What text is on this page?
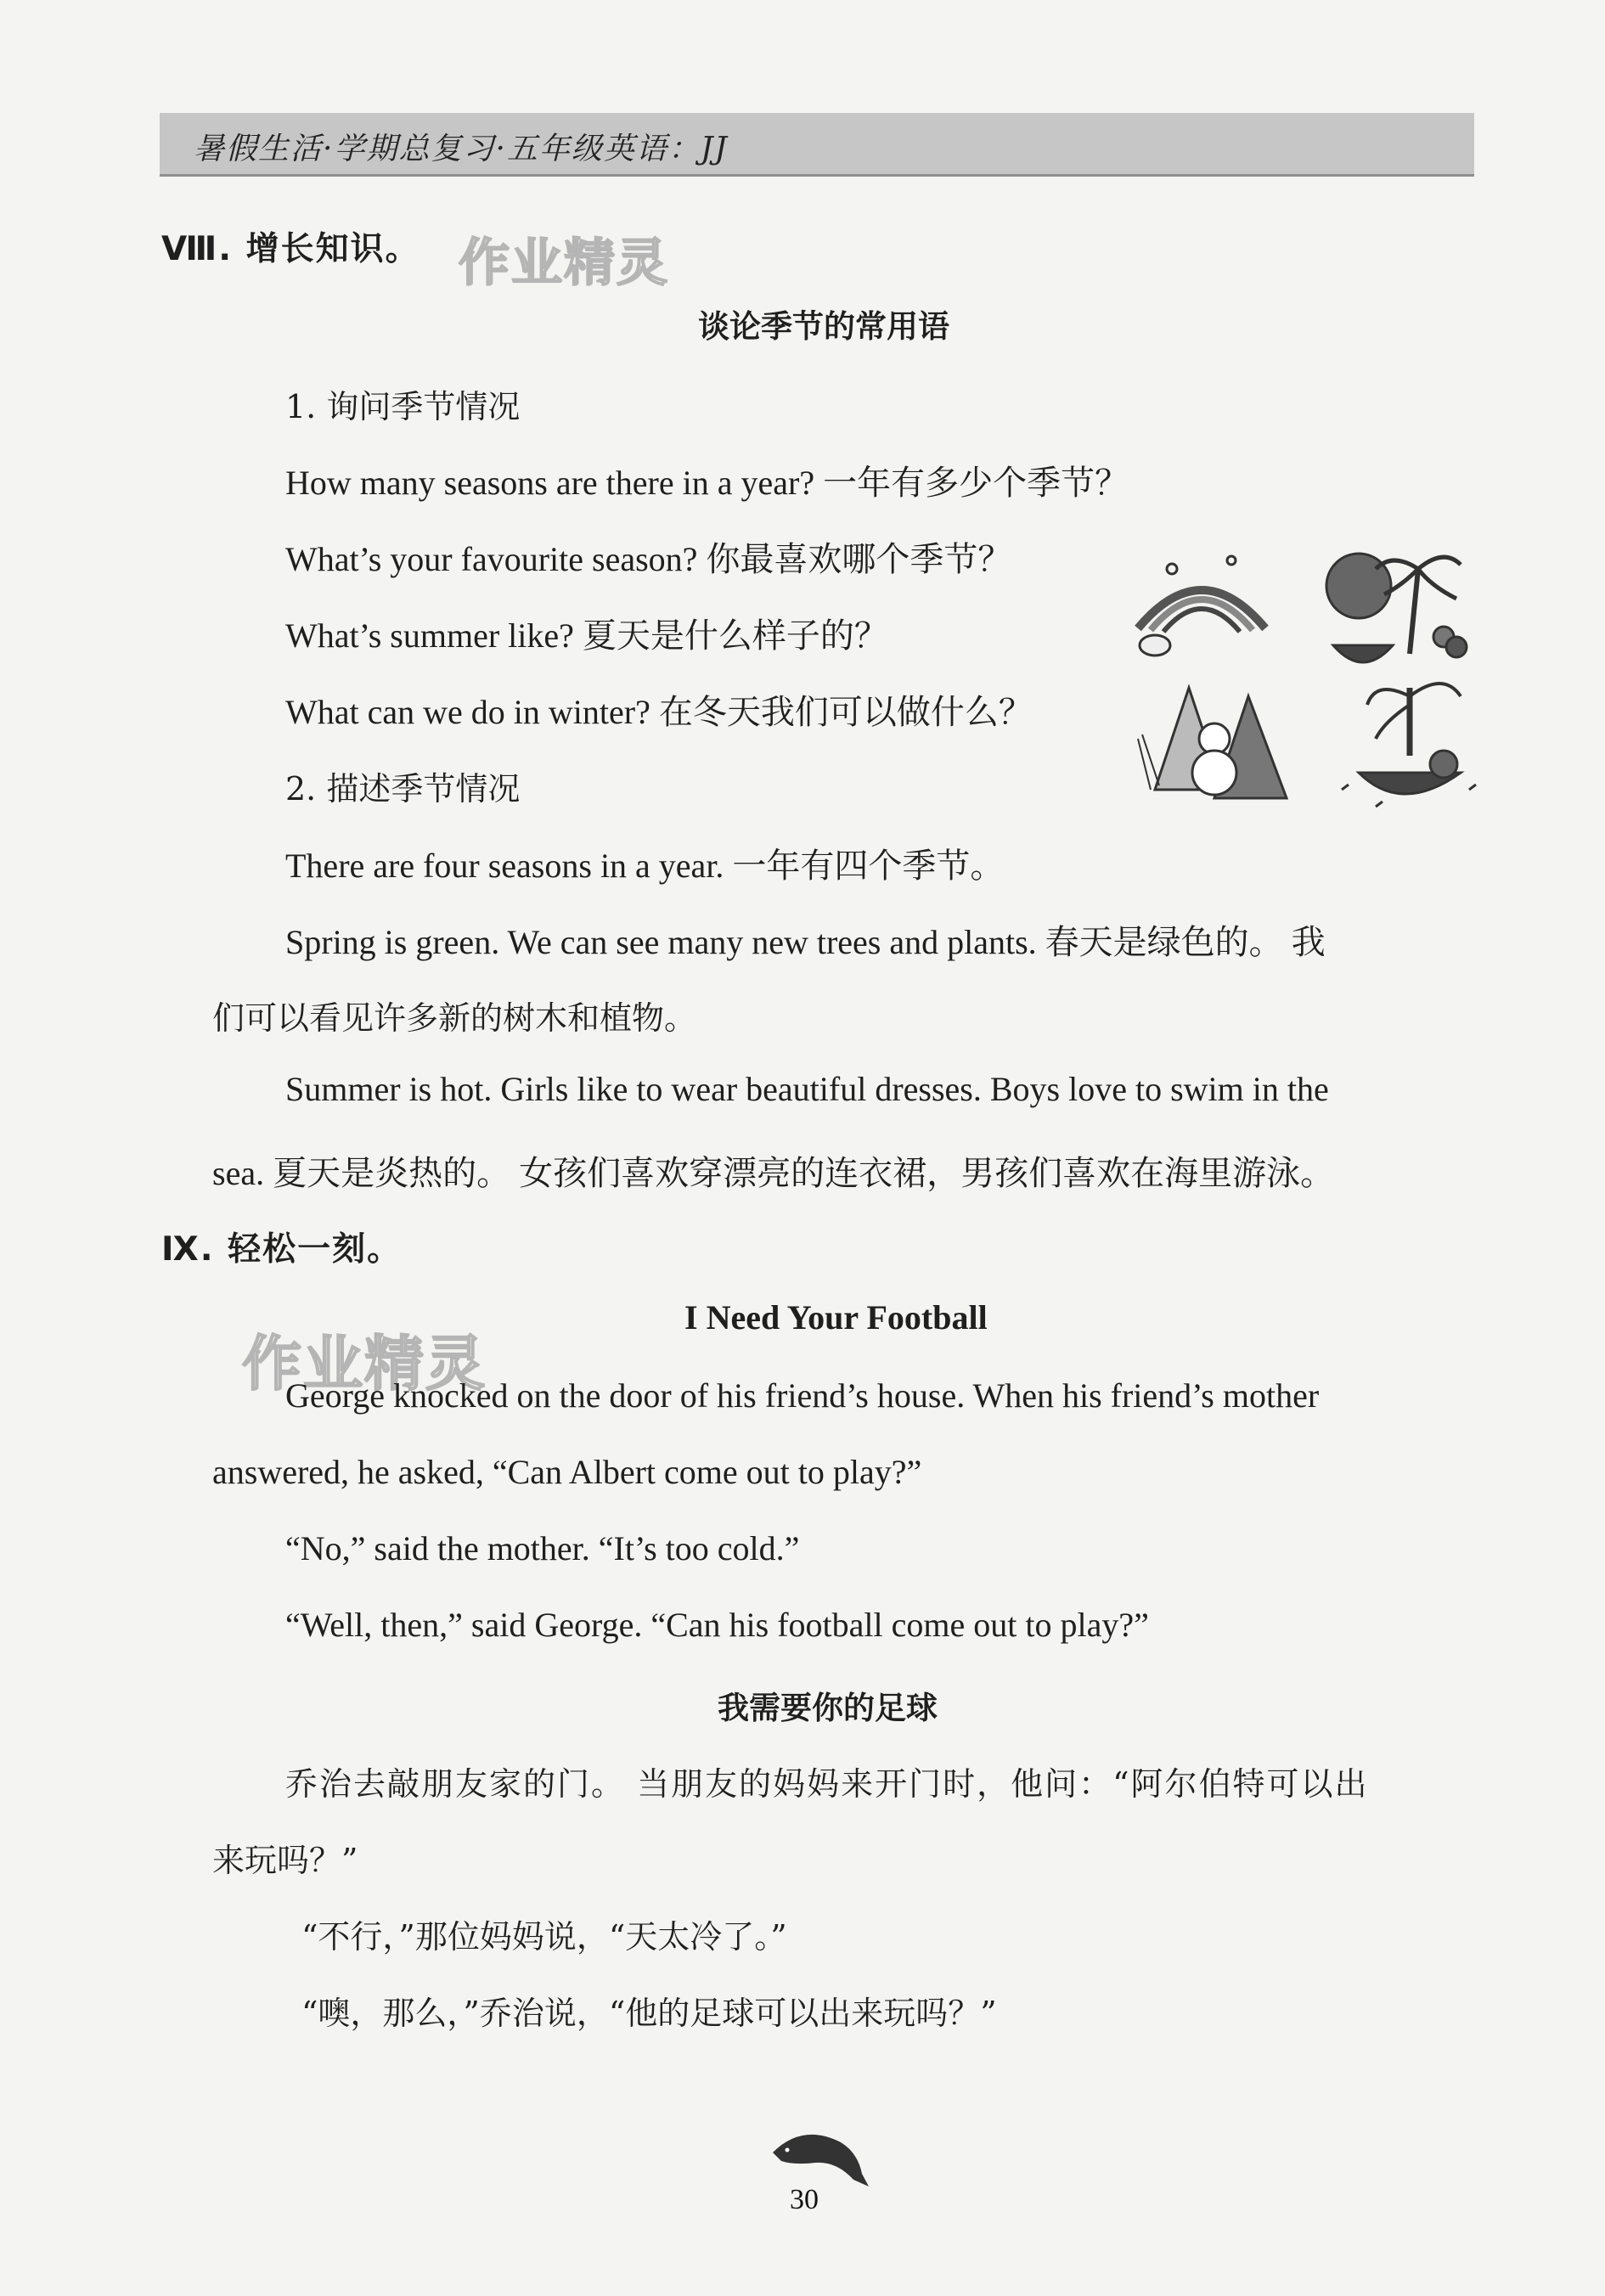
暑假生活·学期总复习·五年级英语：JJ
Ⅷ. 增长知识。 作业精灵
谈论季节的常用语
1. 询问季节情况
How many seasons are there in a year? 一年有多少个季节？
What’s your favourite season? 你最喜欢哪个季节？
What’s summer like? 夏天是什么样子的？
What can we do in winter? 在冬天我们可以做什么？
2. 描述季节情况
There are four seasons in a year. 一年有四个季节。
Spring is green. We can see many new trees and plants. 春天是绿色的。 我
们可以看见许多新的树木和植物。
Summer is hot. Girls like to wear beautiful dresses. Boys love to swim in the
sea. 夏天是炎热的。 女孩们喜欢穿漂亮的连衣裙，男孩们喜欢在海里游泳。
Ⅸ. 轻松一刻。
I Need Your Football
作业精灵
George knocked on the door of his friend’s house. When his friend’s mother
answered, he asked, “Can Albert come out to play?”
“No,” said the mother. “It’s too cold.”
“Well, then,” said George. “Can his football come out to play?”
我需要你的足球
乔治去敲朋友家的门。 当朋友的妈妈来开门时，他问：“阿尔伯特可以出
来玩吗？”
“不行，”那位妈妈说，“天太冷了。”
“噢，那么，”乔治说，“他的足球可以出来玩吗？”
30
